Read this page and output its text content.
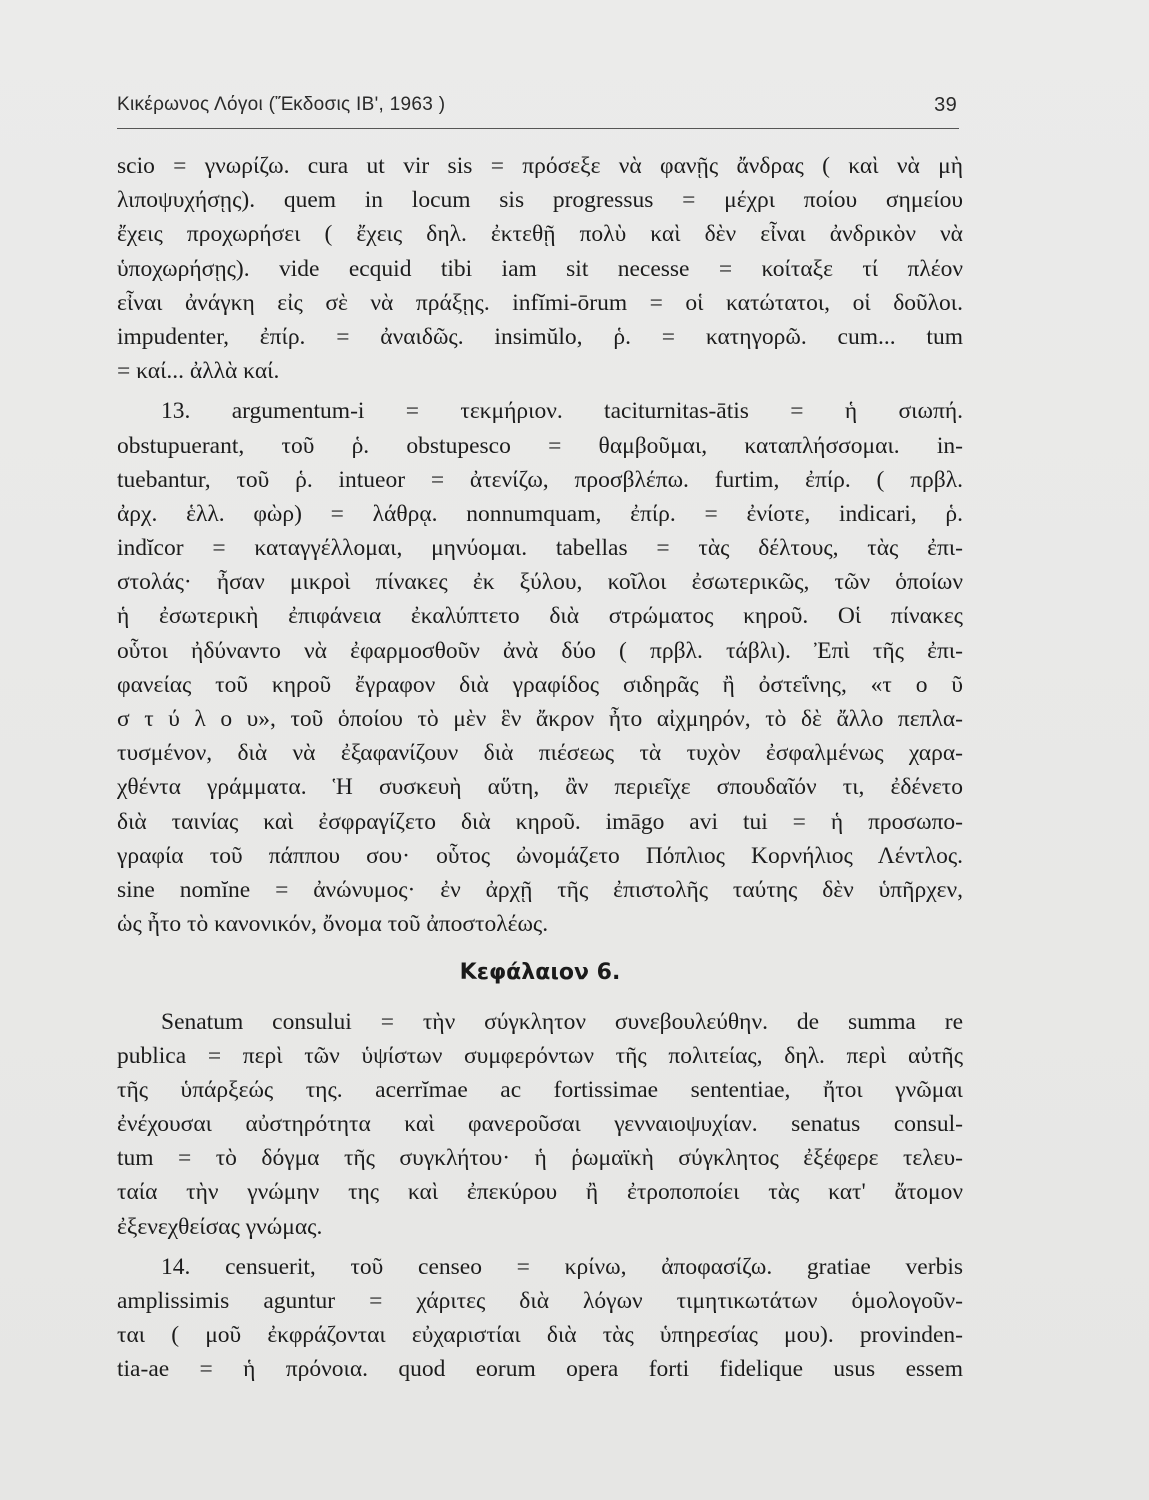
Κικέρωνος Λόγοι (Ἔκδοσις ΙΒ', 1963 )	39
scio = γνωρίζω. cura ut vir sis = πρόσεξε νὰ φανῇς ἄνδρας ( καὶ νὰ μὴ
λιποψυχήσῃς). quem in locum sis progressus = μέχρι ποίου σημείου
ἔχεις προχωρήσει ( ἔχεις δηλ. ἐκτεθῇ πολὺ καὶ δὲν εἶναι ἀνδρικὸν νὰ
ὑποχωρήσῃς). vide ecquid tibi iam sit necesse = κοίταξε τί πλέον
εἶναι ἀνάγκη εἰς σὲ νὰ πράξῃς. infĭmi-ōrum = οἱ κατώτατοι, οἱ δοῦλοι.
impudenter, ἐπίρ. = ἀναιδῶς. insimŭlo, ῥ. = κατηγορῶ. cum... tum
= καί... ἀλλὰ καί.
13. argumentum-i = τεκμήριον. taciturnitas-ātis = ἡ σιωπή.
obstupuerant, τοῦ ῥ. obstupesco = θαμβοῦμαι, καταπλήσσομαι. in-
tuebantur, τοῦ ῥ. intueor = ἀτενίζω, προσβλέπω. furtim, ἐπίρ. ( πρβλ.
ἀρχ. ἑλλ. φὼρ) = λάθρᾳ. nonnumquam, ἐπίρ. = ἐνίοτε, indicari, ῥ.
indĭcor = καταγγέλλομαι, μηνύομαι. tabellas = τὰς δέλτους, τὰς ἐπι-
στολάς· ἦσαν μικροὶ πίνακες ἐκ ξύλου, κοῖλοι ἐσωτερικῶς, τῶν ὁποίων
ἡ ἐσωτερικὴ ἐπιφάνεια ἐκαλύπτετο διὰ στρώματος κηροῦ. Οἱ πίνακες
οὗτοι ἠδύναντο νὰ ἐφαρμοσθοῦν ἀνὰ δύο ( πρβλ. τάβλι). Ἐπὶ τῆς ἐπι-
φανείας τοῦ κηροῦ ἔγραφον διὰ γραφίδος σιδηρᾶς ἢ ὀστεΐνης, «τ ο ῦ
σ τ ύ λ ο υ», τοῦ ὁποίου τὸ μὲν ἓν ἄκρον ἦτο αἰχμηρόν, τὸ δὲ ἄλλο πεπλα-
τυσμένον, διὰ νὰ ἐξαφανίζουν διὰ πιέσεως τὰ τυχὸν ἐσφαλμένως χαρα-
χθέντα γράμματα. Ἡ συσκευὴ αὕτη, ἂν περιεῖχε σπουδαῖόν τι, ἐδένετο
διὰ ταινίας καὶ ἐσφραγίζετο διὰ κηροῦ. imāgo avi tui = ἡ προσωπο-
γραφία τοῦ πάππου σου· οὗτος ὠνομάζετο Πόπλιος Κορνήλιος Λέντλος.
sine nomĭne = ἀνώνυμος· ἐν ἀρχῇ τῆς ἐπιστολῆς ταύτης δὲν ὑπῆρχεν,
ὡς ἦτο τὸ κανονικόν, ὄνομα τοῦ ἀποστολέως.
Κεφάλαιον 6.
Senatum consului = τὴν σύγκλητον συνεβουλεύθην. de summa re
publica = περὶ τῶν ὑψίστων συμφερόντων τῆς πολιτείας, δηλ. περὶ αὐτῆς
τῆς ὑπάρξεώς της. acerrĭmae ac fortissimae sententiae, ἤτοι γνῶμαι
ἐνέχουσαι αὐστηρότητα καὶ φανεροῦσαι γενναιοψυχίαν. senatus consul-
tum = τὸ δόγμα τῆς συγκλήτου· ἡ ῥωμαϊκὴ σύγκλητος ἐξέφερε τελευ-
ταία τὴν γνώμην της καὶ ἐπεκύρου ἢ ἐτροποποίει τὰς κατ' ἄτομον
ἐξενεχθείσας γνώμας.
14. censuerit, τοῦ censeo = κρίνω, ἀποφασίζω. gratiae verbis
amplissimis aguntur = χάριτες διὰ λόγων τιμητικωτάτων ὁμολογοῦν-
ται ( μοῦ ἐκφράζονται εὐχαριστίαι διὰ τὰς ὑπηρεσίας μου). provinden-
tia-ae = ἡ πρόνοια. quod eorum opera forti fidelique usus essem
